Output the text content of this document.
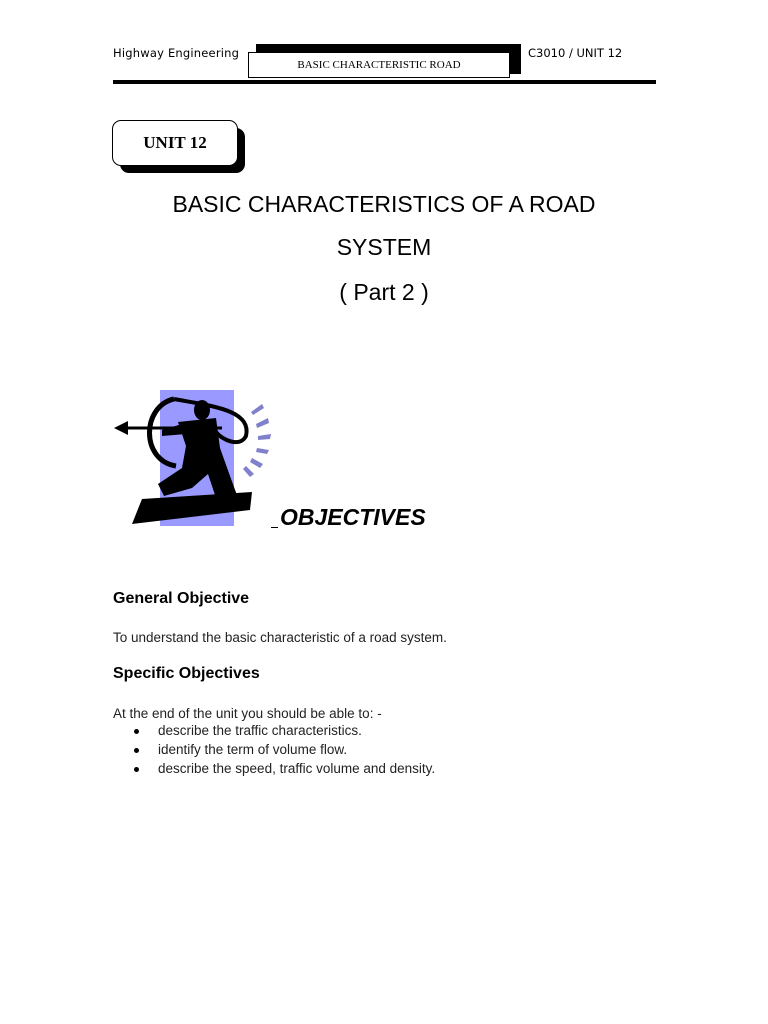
Highway Engineering
BASIC CHARACTERISTIC ROAD
C3010 / UNIT 12
UNIT 12
BASIC CHARACTERISTICS OF A ROAD
SYSTEM
( Part 2 )
OBJECTIVES
General Objective
To understand the basic characteristic of a road system.
Specific Objectives
At the end of the unit you should be able to: -
describe the traffic characteristics.
identify the term of volume flow.
describe the speed, traffic volume and density.
